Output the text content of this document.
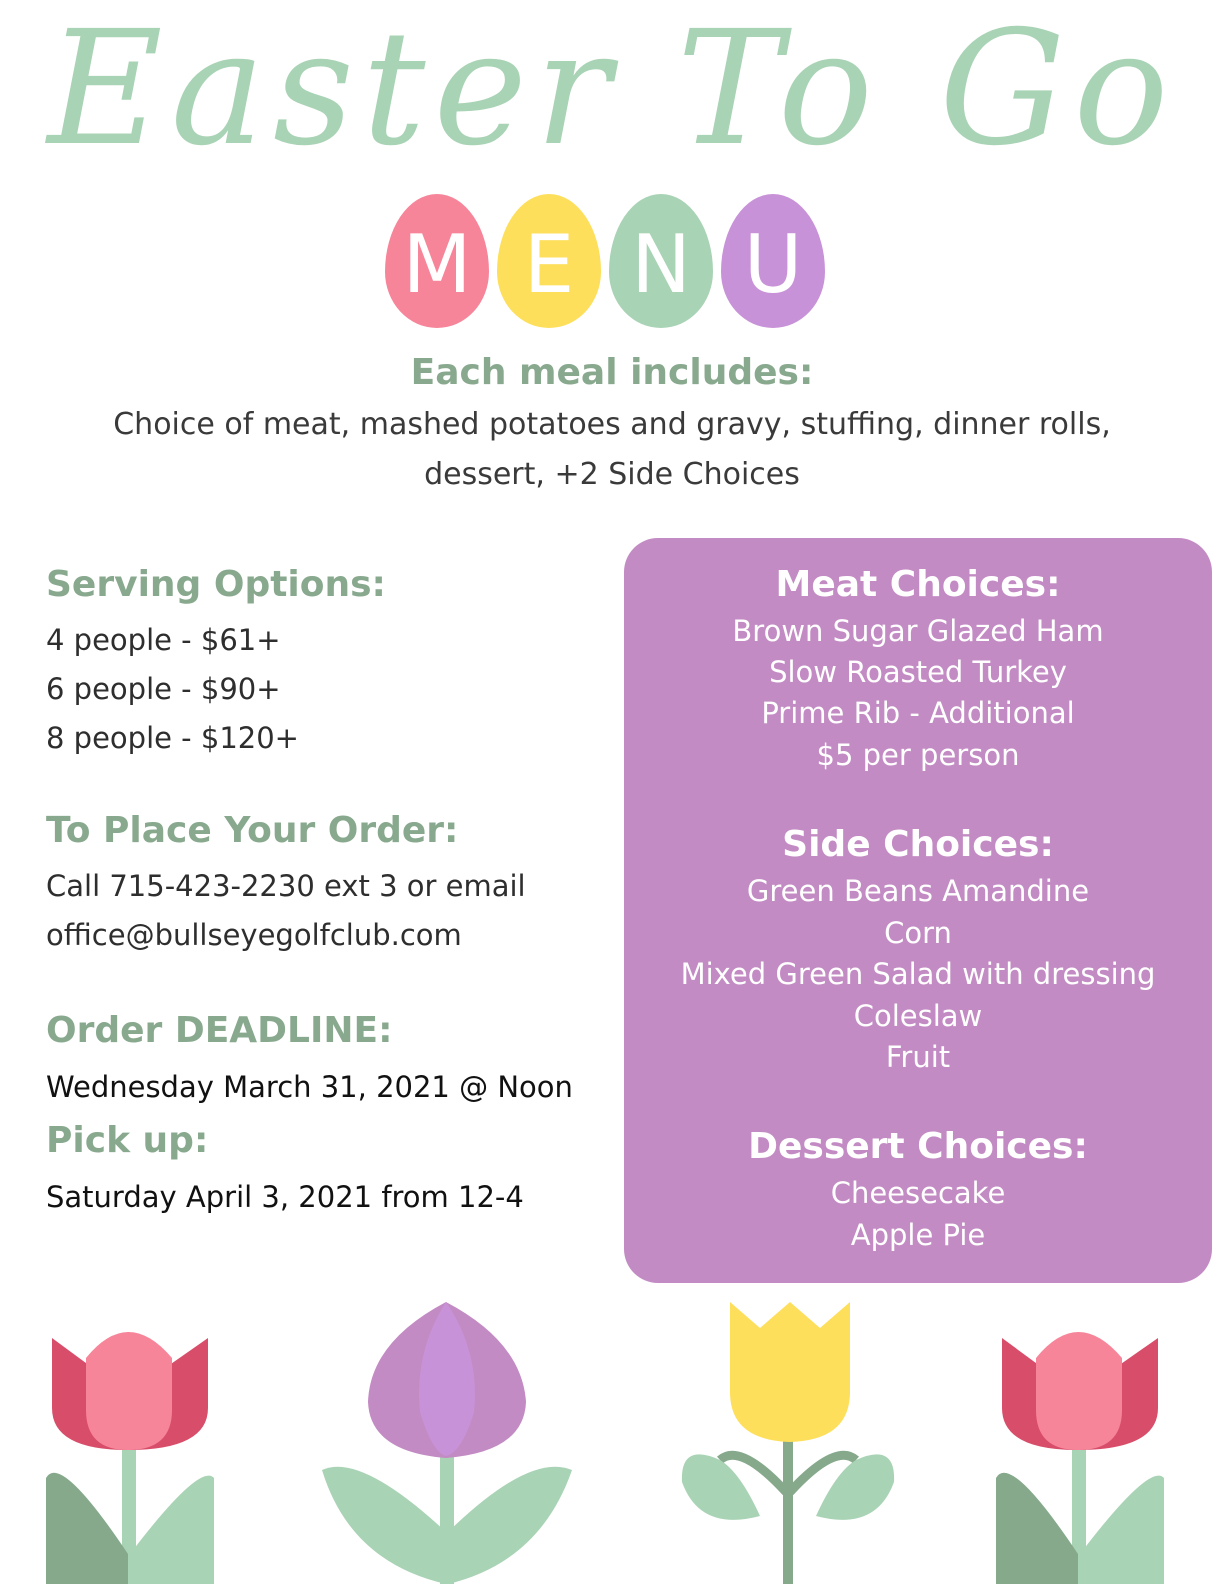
Easter To Go
M E N U
Each meal includes:
Choice of meat, mashed potatoes and gravy, stuffing, dinner rolls, dessert, +2 Side Choices
Serving Options:
4 people - $61+
6 people - $90+
8 people - $120+
To Place Your Order:
Call 715-423-2230 ext 3 or email
office@bullseyegolfclub.com
Order DEADLINE:
Wednesday March 31, 2021 @ Noon
Pick up:
Saturday April 3, 2021 from 12-4
Meat Choices:
Brown Sugar Glazed Ham
Slow Roasted Turkey
Prime Rib - Additional
$5 per person
Side Choices:
Green Beans Amandine
Corn
Mixed Green Salad with dressing
Coleslaw
Fruit
Dessert Choices:
Cheesecake
Apple Pie
